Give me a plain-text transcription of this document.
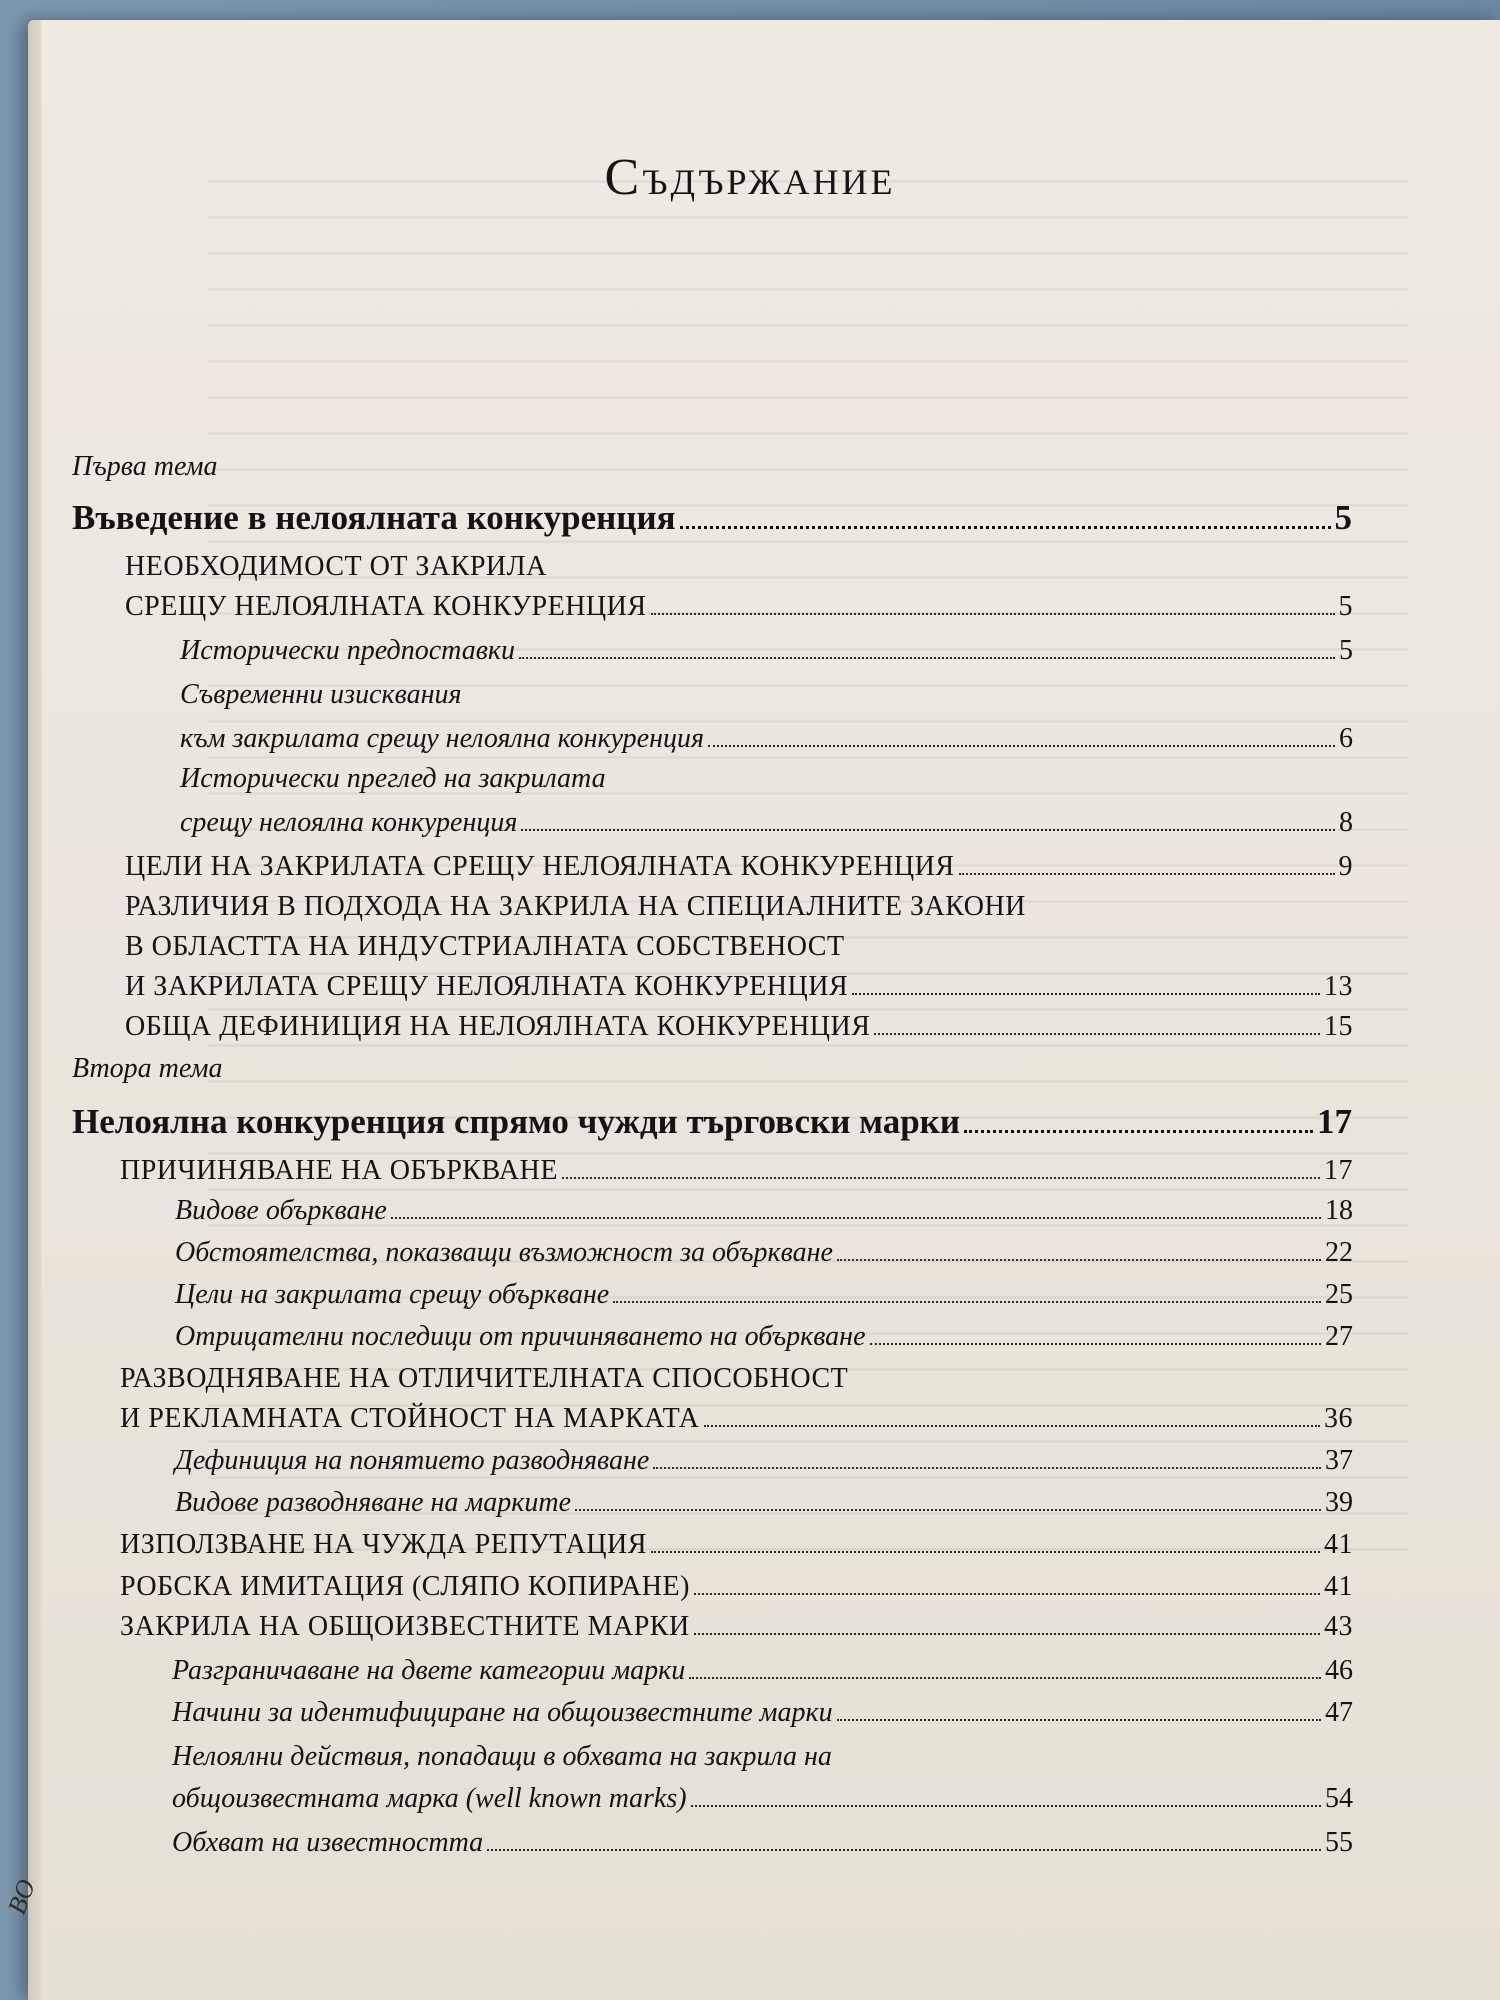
Съдържание
Първа тема
Въведение в нелоялната конкуренция	5
НЕОБХОДИМОСТ ОТ ЗАКРИЛА
СРЕЩУ НЕЛОЯЛНАТА КОНКУРЕНЦИЯ	5
Исторически предпоставки	5
Съвременни изисквания
към закрилата срещу нелоялна конкуренция	6
Исторически преглед на закрилата
срещу нелоялна конкуренция	8
ЦЕЛИ НА ЗАКРИЛАТА СРЕЩУ НЕЛОЯЛНАТА КОНКУРЕНЦИЯ	9
РАЗЛИЧИЯ В ПОДХОДА НА ЗАКРИЛА НА СПЕЦИАЛНИТЕ ЗАКОНИ
В ОБЛАСТТА НА ИНДУСТРИАЛНАТА СОБСТВЕНОСТ
И ЗАКРИЛАТА СРЕЩУ НЕЛОЯЛНАТА КОНКУРЕНЦИЯ	13
ОБЩА ДЕФИНИЦИЯ НА НЕЛОЯЛНАТА КОНКУРЕНЦИЯ	15
Втора тема
Нелоялна конкуренция спрямо чужди търговски марки	17
ПРИЧИНЯВАНЕ НА ОБЪРКВАНЕ	17
Видове объркване	18
Обстоятелства, показващи възможност за объркване	22
Цели на закрилата срещу объркване	25
Отрицателни последици от причиняването на объркване	27
РАЗВОДНЯВАНЕ НА ОТЛИЧИТЕЛНАТА СПОСОБНОСТ
И РЕКЛАМНАТА СТОЙНОСТ НА МАРКАТА	36
Дефиниция на понятието разводняване	37
Видове разводняване на марките	39
ИЗПОЛЗВАНЕ НА ЧУЖДА РЕПУТАЦИЯ	41
РОБСКА ИМИТАЦИЯ (СЛЯПО КОПИРАНЕ)	41
ЗАКРИЛА НА ОБЩОИЗВЕСТНИТЕ МАРКИ	43
Разграничаване на двете категории марки	46
Начини за идентифициране на общоизвестните марки	47
Нелоялни действия, попадащи в обхвата на закрила на
общоизвестната марка (well known marks)	54
Обхват на известността	55
BO
